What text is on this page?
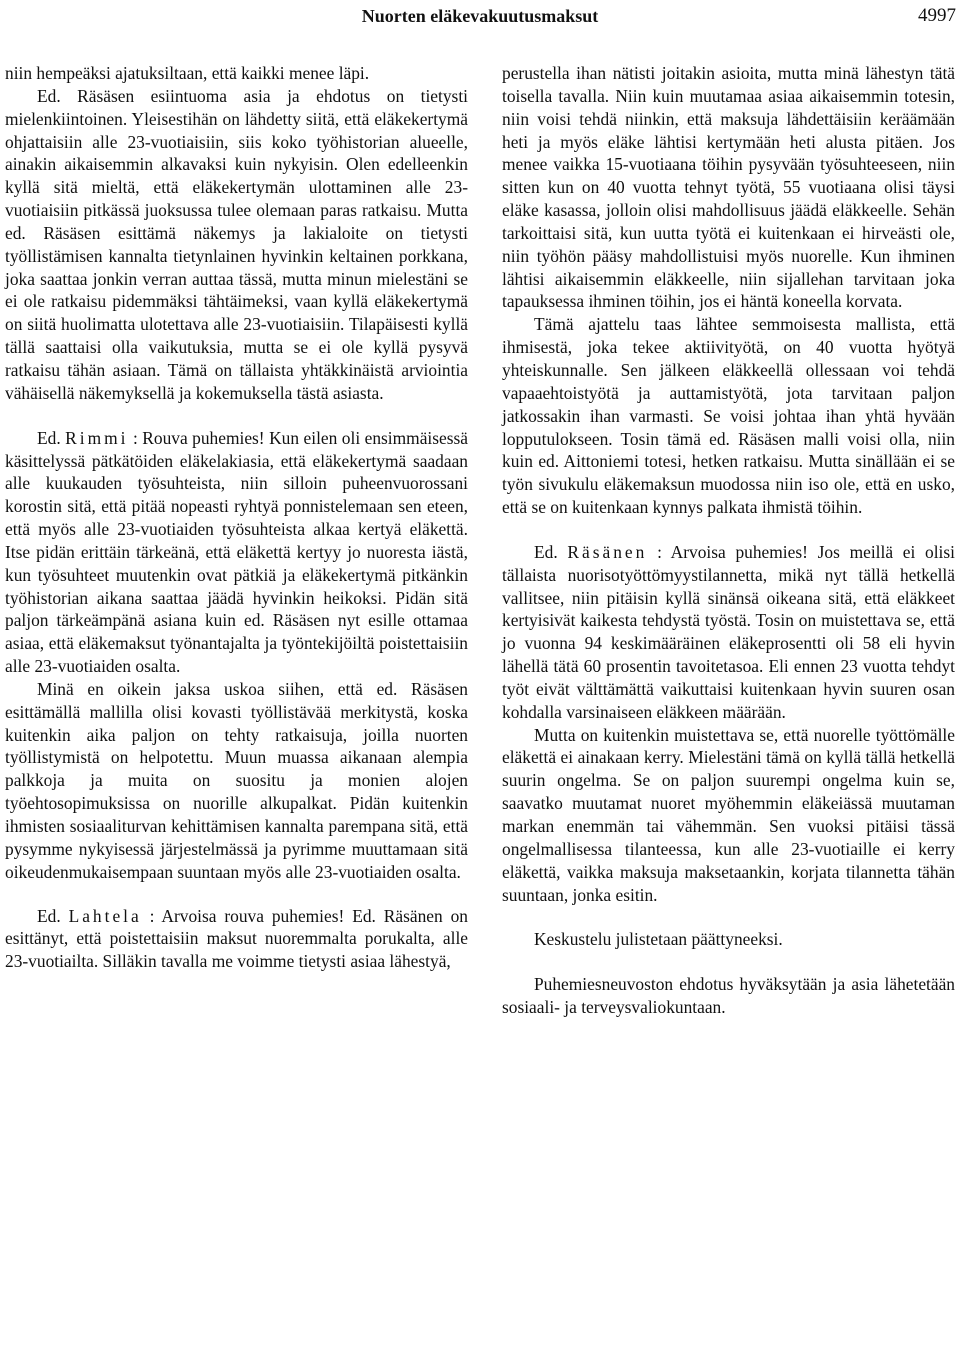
Nuorten eläkevakuutusmaksut	4997

niin hempeäksi ajatuksiltaan, että kaikki menee läpi.

Ed. Räsäsen esiintuoma asia ja ehdotus on tietysti mielenkiintoinen. Yleisestihän on lähdetty siitä, että eläkekertymä ohjattaisiin alle 23-vuotiaisiin, siis koko työhistorian alueelle, ainakin aikaisemmin alkavaksi kuin nykyisin. Olen edelleenkin kyllä sitä mieltä, että eläkekertymän ulottaminen alle 23-vuotiaisiin pitkässä juoksussa tulee olemaan paras ratkaisu. Mutta ed. Räsäsen esittämä näkemys ja lakialoite on tietysti työllistämisen kannalta tietynlainen hyvinkin keltainen porkkana, joka saattaa jonkin verran auttaa tässä, mutta minun mielestäni se ei ole ratkaisu pidemmäksi tähtäimeksi, vaan kyllä eläkekertymä on siitä huolimatta ulotettava alle 23-vuotiaisiin. Tilapäisesti kyllä tällä saattaisi olla vaikutuksia, mutta se ei ole kyllä pysyvä ratkaisu tähän asiaan. Tämä on tällaista yhtäkkinäistä arviointia vähäisellä näkemyksellä ja kokemuksella tästä asiasta.

Ed. Rimmi : Rouva puhemies! Kun eilen oli ensimmäisessä käsittelyssä pätkätöiden eläkelakiasia, että eläkekertymä saadaan alle kuukauden työsuhteista, niin silloin puheenvuorossani korostin sitä, että pitää nopeasti ryhtyä ponnistelemaan sen eteen, että myös alle 23-vuotiaiden työsuhteista alkaa kertyä eläkettä. Itse pidän erittäin tärkeänä, että eläkettä kertyy jo nuoresta iästä, kun työsuhteet muutenkin ovat pätkiä ja eläkekertymä pitkänkin työhistorian aikana saattaa jäädä hyvinkin heikoksi. Pidän sitä paljon tärkeämpänä asiana kuin ed. Räsäsen nyt esille ottamaa asiaa, että eläkemaksut työnantajalta ja työntekijöiltä poistettaisiin alle 23-vuotiaiden osalta.

Minä en oikein jaksa uskoa siihen, että ed. Räsäsen esittämällä mallilla olisi kovasti työllistävää merkitystä, koska kuitenkin aika paljon on tehty ratkaisuja, joilla nuorten työllistymistä on helpotettu. Muun muassa aikanaan alempia palkkoja ja muita on suositu ja monien alojen työehtosopimuksissa on nuorille alkupalkat. Pidän kuitenkin ihmisten sosiaaliturvan kehittämisen kannalta parempana sitä, että pysymme nykyisessä järjestelmässä ja pyrimme muuttamaan sitä oikeudenmukaisempaan suuntaan myös alle 23-vuotiaiden osalta.

Ed. Lahtela : Arvoisa rouva puhemies! Ed. Räsänen on esittänyt, että poistettaisiin maksut nuoremmalta porukalta, alle 23-vuotiailta. Silläkin tavalla me voimme tietysti asiaa lähestyä,

perustella ihan nätisti joitakin asioita, mutta minä lähestyn tätä toisella tavalla. Niin kuin muutamaa asiaa aikaisemmin totesin, niin voisi tehdä niinkin, että maksuja lähdettäisiin keräämään heti ja myös eläke lähtisi kertymään heti alusta pitäen. Jos menee vaikka 15-vuotiaana töihin pysyvään työsuhteeseen, niin sitten kun on 40 vuotta tehnyt työtä, 55 vuotiaana olisi täysi eläke kasassa, jolloin olisi mahdollisuus jäädä eläkkeelle. Sehän tarkoittaisi sitä, kun uutta työtä ei kuitenkaan ei hirveästi ole, niin työhön pääsy mahdollistuisi myös nuorelle. Kun ihminen lähtisi aikaisemmin eläkkeelle, niin sijallehan tarvitaan joka tapauksessa ihminen töihin, jos ei häntä koneella korvata.

Tämä ajattelu taas lähtee semmoisesta mallista, että ihmisestä, joka tekee aktiivityötä, on 40 vuotta hyötyä yhteiskunnalle. Sen jälkeen eläkkeellä ollessaan voi tehdä vapaaehtoistyötä ja auttamistyötä, jota tarvitaan paljon jatkossakin ihan varmasti. Se voisi johtaa ihan yhtä hyvään lopputulokseen. Tosin tämä ed. Räsäsen malli voisi olla, niin kuin ed. Aittoniemi totesi, hetken ratkaisu. Mutta sinällään ei se työn sivukulu eläkemaksun muodossa niin iso ole, että en usko, että se on kuitenkaan kynnys palkata ihmistä töihin.

Ed. Räsänen : Arvoisa puhemies! Jos meillä ei olisi tällaista nuorisotyöttömyystilannetta, mikä nyt tällä hetkellä vallitsee, niin pitäisin kyllä sinänsä oikeana sitä, että eläkkeet kertyisivät kaikesta tehdystä työstä. Tosin on muistettava se, että jo vuonna 94 keskimääräinen eläkeprosentti oli 58 eli hyvin lähellä tätä 60 prosentin tavoitetasoa. Eli ennen 23 vuotta tehdyt työt eivät välttämättä vaikuttaisi kuitenkaan hyvin suuren osan kohdalla varsinaiseen eläkkeen määrään.

Mutta on kuitenkin muistettava se, että nuorelle työttömälle eläkettä ei ainakaan kerry. Mielestäni tämä on kyllä tällä hetkellä suurin ongelma. Se on paljon suurempi ongelma kuin se, saavatko muutamat nuoret myöhemmin eläkeiässä muutaman markan enemmän tai vähemmän. Sen vuoksi pitäisi tässä ongelmallisessa tilanteessa, kun alle 23-vuotiaille ei kerry eläkettä, vaikka maksuja maksetaankin, korjata tilannetta tähän suuntaan, jonka esitin.

Keskustelu julistetaan päättyneeksi.

Puhemiesneuvoston ehdotus hyväksytään ja asia lähetetään sosiaali- ja terveysvaliokuntaan.
